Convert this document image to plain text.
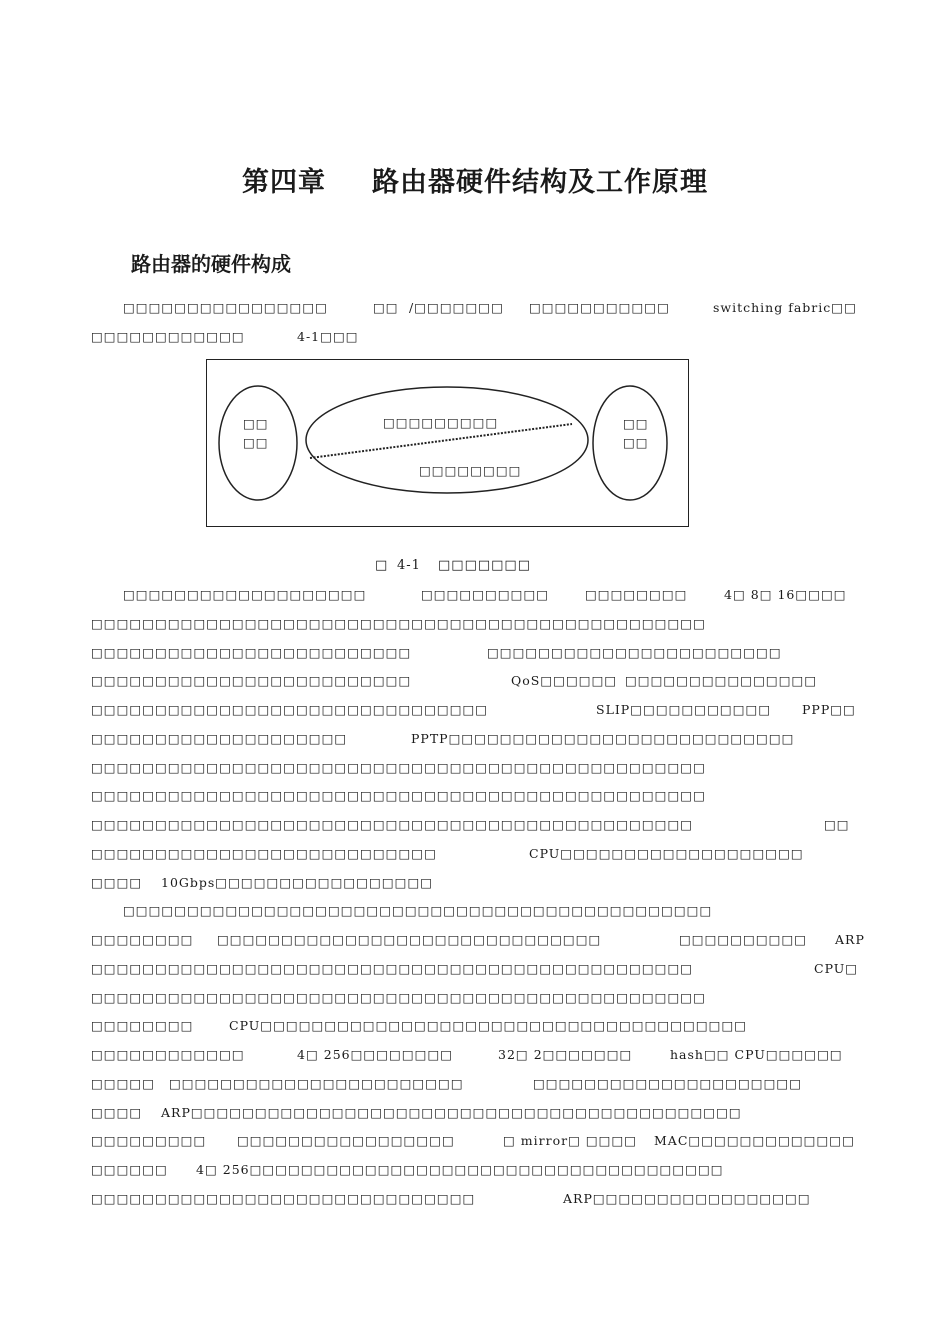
第四章 路由器硬件结构及工作原理
路由器的硬件构成
□□□□□□□□□□□□□□□□	□□ /□□□□□□□ □□□□□□□□□□□	switching fabric□□
□□□□□□□□□□□□	4-1□□□
□□
□□
□□□□□□□□□
□□□□□□□□
□□
□□
□ 4-1 □□□□□□□
□□□□□□□□□□□□□□□□□□□	□□□□□□□□□□	□□□□□□□□	4□ 8□ 16□□□□
□□□□□□□□□□□□□□□□□□□□□□□□□□□□□□□□□□□□□□□□□□□□□□□□
□□□□□□□□□□□□□□□□□□□□□□□□□	□□□□□□□□□□□□□□□□□□□□□□□
□□□□□□□□□□□□□□□□□□□□□□□□□	QoS□□□□□□ □□□□□□□□□□□□□□□
□□□□□□□□□□□□□□□□□□□□□□□□□□□□□□□	SLIP□□□□□□□□□□□ PPP□□
□□□□□□□□□□□□□□□□□□□□	PPTP□□□□□□□□□□□□□□□□□□□□□□□□□□□
□□□□□□□□□□□□□□□□□□□□□□□□□□□□□□□□□□□□□□□□□□□□□□□□
□□□□□□□□□□□□□□□□□□□□□□□□□□□□□□□□□□□□□□□□□□□□□□□□
□□□□□□□□□□□□□□□□□□□□□□□□□□□□□□□□□□□□□□□□□□□□□□□	□□
□□□□□□□□□□□□□□□□□□□□□□□□□□□	CPU□□□□□□□□□□□□□□□□□□□
□□□□ 10Gbps□□□□□□□□□□□□□□□□□
□□□□□□□□□□□□□□□□□□□□□□□□□□□□□□□□□□□□□□□□□□□□□□
□□□□□□□□ □□□□□□□□□□□□□□□□□□□□□□□□□□□□□□	□□□□□□□□□□ ARP
□□□□□□□□□□□□□□□□□□□□□□□□□□□□□□□□□□□□□□□□□□□□□□□	CPU□
□□□□□□□□□□□□□□□□□□□□□□□□□□□□□□□□□□□□□□□□□□□□□□□□
□□□□□□□□	CPU□□□□□□□□□□□□□□□□□□□□□□□□□□□□□□□□□□□□□□
□□□□□□□□□□□□	4□ 256□□□□□□□□	32□ 2□□□□□□□	hash□□ CPU□□□□□□
□□□□□ □□□□□□□□□□□□□□□□□□□□□□□	□□□□□□□□□□□□□□□□□□□□□
□□□□ ARP□□□□□□□□□□□□□□□□□□□□□□□□□□□□□□□□□□□□□□□□□□□
□□□□□□□□□ □□□□□□□□□□□□□□□□□	□ mirror□ □□□□ MAC□□□□□□□□□□□□□
□□□□□□ 4□ 256□□□□□□□□□□□□□□□□□□□□□□□□□□□□□□□□□□□□□
□□□□□□□□□□□□□□□□□□□□□□□□□□□□□□	ARP□□□□□□□□□□□□□□□□□
